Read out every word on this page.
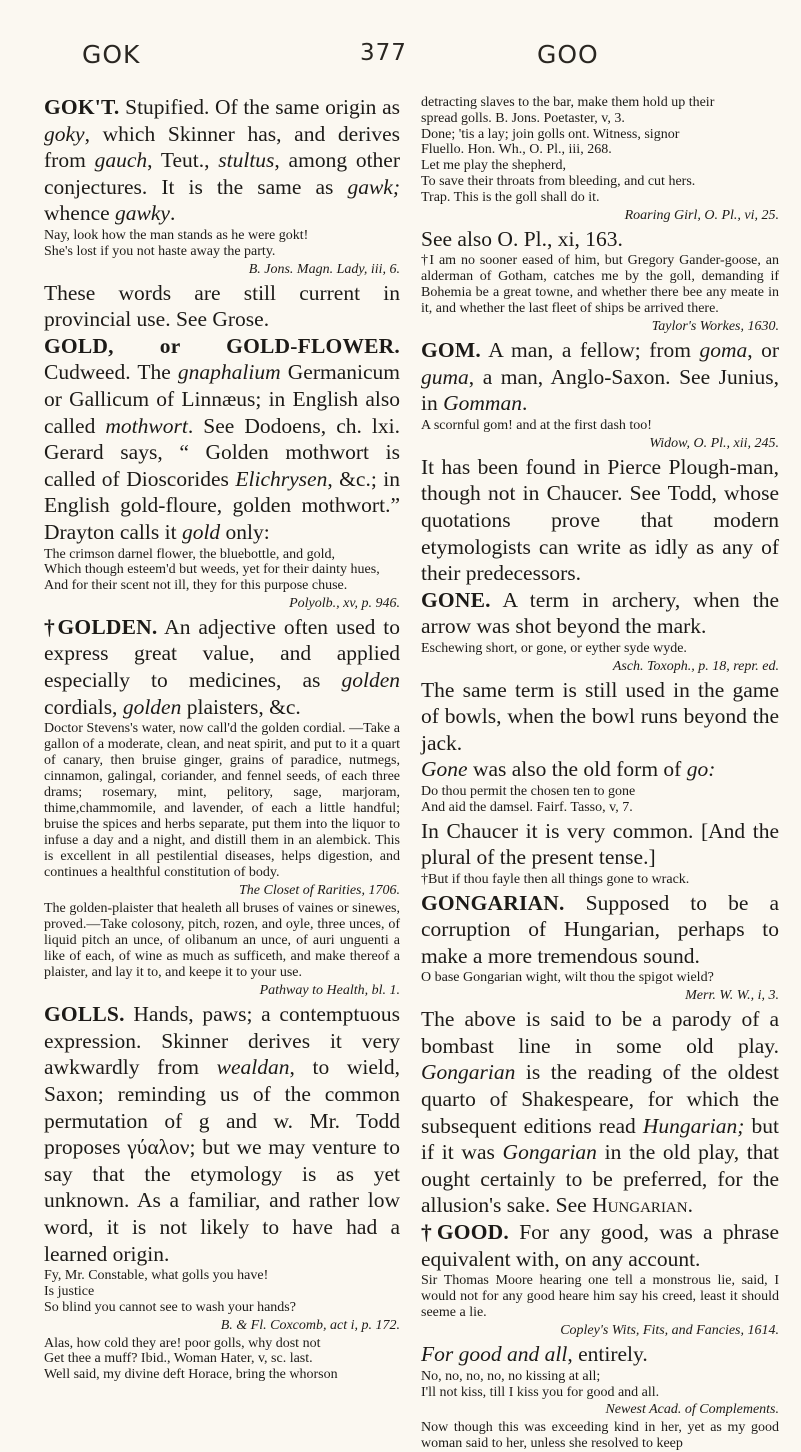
GOK	377	GOO

GOK'T. Stupified. Of the same origin as goky, which Skinner has, and derives from gauch, Teut., stultus, among other conjectures. It is the same as gawk; whence gawky.

Nay, look how the man stands as he were gokt!
She's lost if you not haste away the party.
B. Jons. Magn. Lady, iii, 6.

These words are still current in provincial use. See Grose.

GOLD, or GOLD-FLOWER. Cudweed. The gnaphalium Germanicum or Gallicum of Linnæus; in English also called mothwort. See Dodoens, ch. lxi. Gerard says, “ Golden mothwort is called of Dioscorides Elichrysen, &c.; in English gold-floure, golden mothwort.” Drayton calls it gold only:

The crimson darnel flower, the bluebottle, and gold,
Which though esteem'd but weeds, yet for their dainty hues,
And for their scent not ill, they for this purpose chuse.
Polyolb., xv, p. 946.

†GOLDEN. An adjective often used to express great value, and applied especially to medicines, as golden cordials, golden plaisters, &c.

Doctor Stevens's water, now call'd the golden cordial. —Take a gallon of a moderate, clean, and neat spirit, and put to it a quart of canary, then bruise ginger, grains of paradice, nutmegs, cinnamon, galingal, coriander, and fennel seeds, of each three drams; rosemary, mint, pelitory, sage, marjoram, thime,chammomile, and lavender, of each a little handful; bruise the spices and herbs separate, put them into the liquor to infuse a day and a night, and distill them in an alembick. This is excellent in all pestilential diseases, helps digestion, and continues a healthful constitution of body.

The Closet of Rarities, 1706.

The golden-plaister that healeth all bruses of vaines or sinewes, proved.—Take colosony, pitch, rozen, and oyle, three unces, of liquid pitch an unce, of olibanum an unce, of auri unguenti a like of each, of wine as much as sufficeth, and make thereof a plaister, and lay it to, and keepe it to your use.

Pathway to Health, bl. 1.

GOLLS. Hands, paws; a contemptuous expression. Skinner derives it very awkwardly from wealdan, to wield, Saxon; reminding us of the common permutation of g and w. Mr. Todd proposes γύαλον; but we may venture to say that the etymology is as yet unknown. As a familiar, and rather low word, it is not likely to have had a learned origin.

Fy, Mr. Constable, what golls you have!
Is justice
So blind you cannot see to wash your hands?
B. & Fl. Coxcomb, act i, p. 172.
Alas, how cold they are! poor golls, why dost not
Get thee a muff? Ibid., Woman Hater, v, sc. last.
Well said, my divine deft Horace, bring the whorson
detracting slaves to the bar, make them hold up their
spread golls. B. Jons. Poetaster, v, 3.
Done; 'tis a lay; join golls ont. Witness, signor
Fluello. Hon. Wh., O. Pl., iii, 268.
Let me play the shepherd,
To save their throats from bleeding, and cut hers.
Trap. This is the goll shall do it.
Roaring Girl, O. Pl., vi, 25.

See also O. Pl., xi, 163.

†I am no sooner eased of him, but Gregory Gander-goose, an alderman of Gotham, catches me by the goll, demanding if Bohemia be a great towne, and whether there bee any meate in it, and whether the last fleet of ships be arrived there.

Taylor's Workes, 1630.

GOM. A man, a fellow; from goma, or guma, a man, Anglo-Saxon. See Junius, in Gomman.

A scornful gom! and at the first dash too!
Widow, O. Pl., xii, 245.

It has been found in Pierce Plough-man, though not in Chaucer. See Todd, whose quotations prove that modern etymologists can write as idly as any of their predecessors.

GONE. A term in archery, when the arrow was shot beyond the mark.

Eschewing short, or gone, or eyther syde wyde.
Asch. Toxoph., p. 18, repr. ed.

The same term is still used in the game of bowls, when the bowl runs beyond the jack.

Gone was also the old form of go:

Do thou permit the chosen ten to gone
And aid the damsel. Fairf. Tasso, v, 7.

In Chaucer it is very common. [And the plural of the present tense.]

†But if thou fayle then all things gone to wrack.

GONGARIAN. Supposed to be a corruption of Hungarian, perhaps to make a more tremendous sound.

O base Gongarian wight, wilt thou the spigot wield?
Merr. W. W., i, 3.

The above is said to be a parody of a bombast line in some old play. Gongarian is the reading of the oldest quarto of Shakespeare, for which the subsequent editions read Hungarian; but if it was Gongarian in the old play, that ought certainly to be preferred, for the allusion's sake. See Hungarian.

†GOOD. For any good, was a phrase equivalent with, on any account.

Sir Thomas Moore hearing one tell a monstrous lie, said, I would not for any good heare him say his creed, least it should seeme a lie.

Copley's Wits, Fits, and Fancies, 1614.

For good and all, entirely.

No, no, no, no, no kissing at all;
I'll not kiss, till I kiss you for good and all.
Newest Acad. of Complements.

Now though this was exceeding kind in her, yet as my good woman said to her, unless she resolved to keep
